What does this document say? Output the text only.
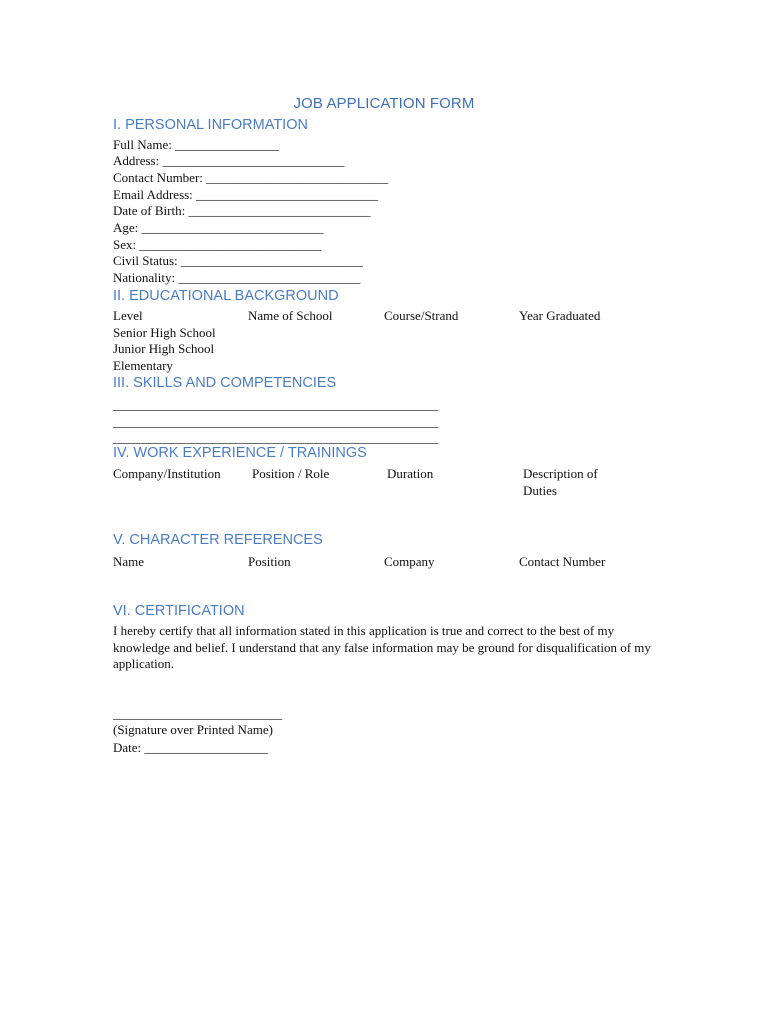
JOB APPLICATION FORM
I. PERSONAL INFORMATION
Full Name: ________________
Address: ____________________________
Contact Number: ____________________________
Email Address: ____________________________
Date of Birth: ____________________________
Age: ____________________________
Sex: ____________________________
Civil Status: ____________________________
Nationality: ____________________________
II. EDUCATIONAL BACKGROUND
Level	Name of School	Course/Strand	Year Graduated
Senior High School
Junior High School
Elementary
III. SKILLS AND COMPETENCIES
__________________________________________________
__________________________________________________
__________________________________________________
IV. WORK EXPERIENCE / TRAININGS
Company/Institution Position / Role	Duration	Description of Duties
V. CHARACTER REFERENCES
Name	Position	Company	Contact Number
VI. CERTIFICATION
I hereby certify that all information stated in this application is true and correct to the best of my knowledge and belief. I understand that any false information may be ground for disqualification of my application.
__________________________
(Signature over Printed Name)
Date: ___________________
